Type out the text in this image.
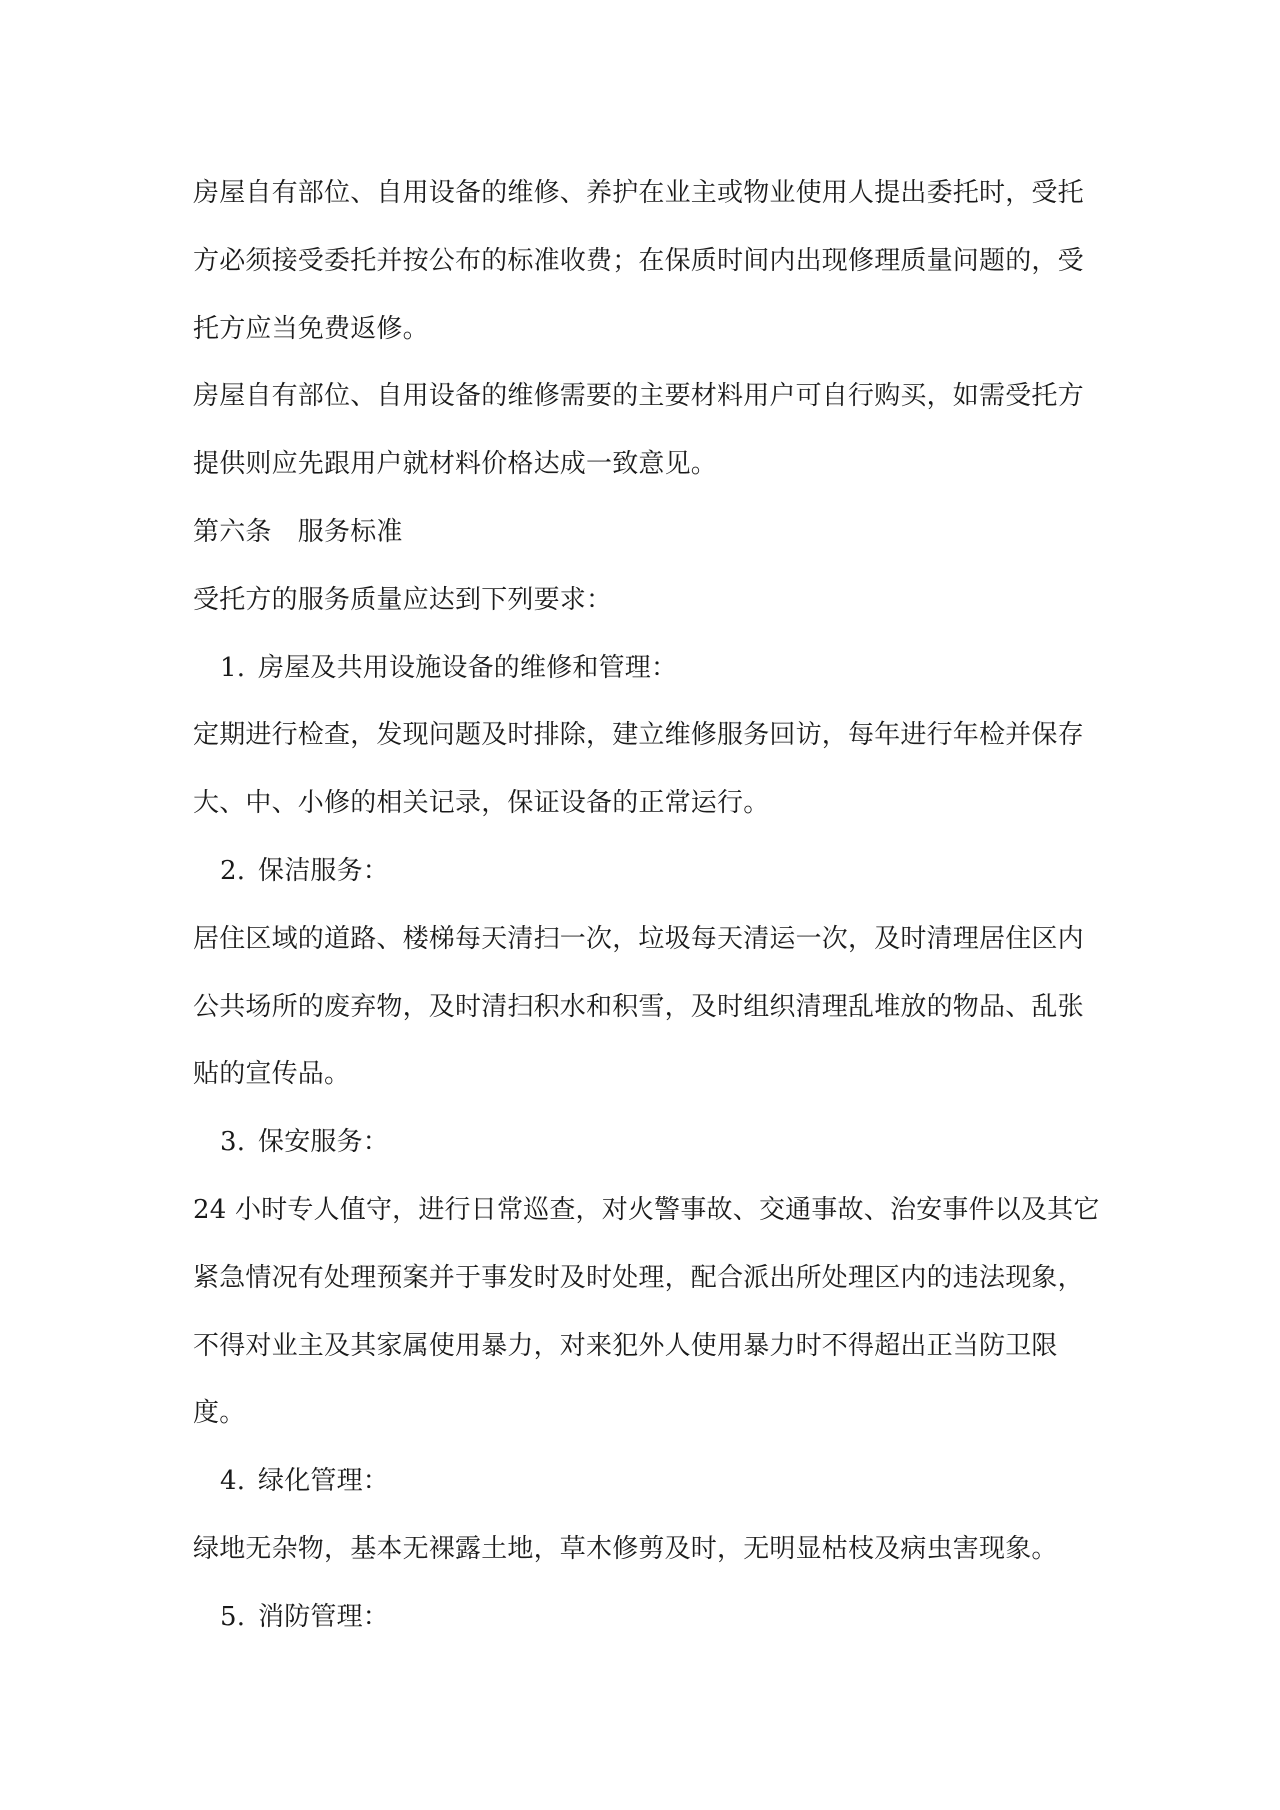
房屋自有部位、自用设备的维修、养护在业主或物业使用人提出委托时，受托
方必须接受委托并按公布的标准收费；在保质时间内出现修理质量问题的，受
托方应当免费返修。
房屋自有部位、自用设备的维修需要的主要材料用户可自行购买，如需受托方
提供则应先跟用户就材料价格达成一致意见。
第六条　服务标准
受托方的服务质量应达到下列要求：
1. 房屋及共用设施设备的维修和管理：
定期进行检查，发现问题及时排除，建立维修服务回访，每年进行年检并保存
大、中、小修的相关记录，保证设备的正常运行。
2. 保洁服务：
居住区域的道路、楼梯每天清扫一次，垃圾每天清运一次，及时清理居住区内
公共场所的废弃物，及时清扫积水和积雪，及时组织清理乱堆放的物品、乱张
贴的宣传品。
3. 保安服务：
24 小时专人值守，进行日常巡查，对火警事故、交通事故、治安事件以及其它
紧急情况有处理预案并于事发时及时处理，配合派出所处理区内的违法现象，
不得对业主及其家属使用暴力，对来犯外人使用暴力时不得超出正当防卫限
度。
4. 绿化管理：
绿地无杂物，基本无裸露土地，草木修剪及时，无明显枯枝及病虫害现象。
5. 消防管理：
